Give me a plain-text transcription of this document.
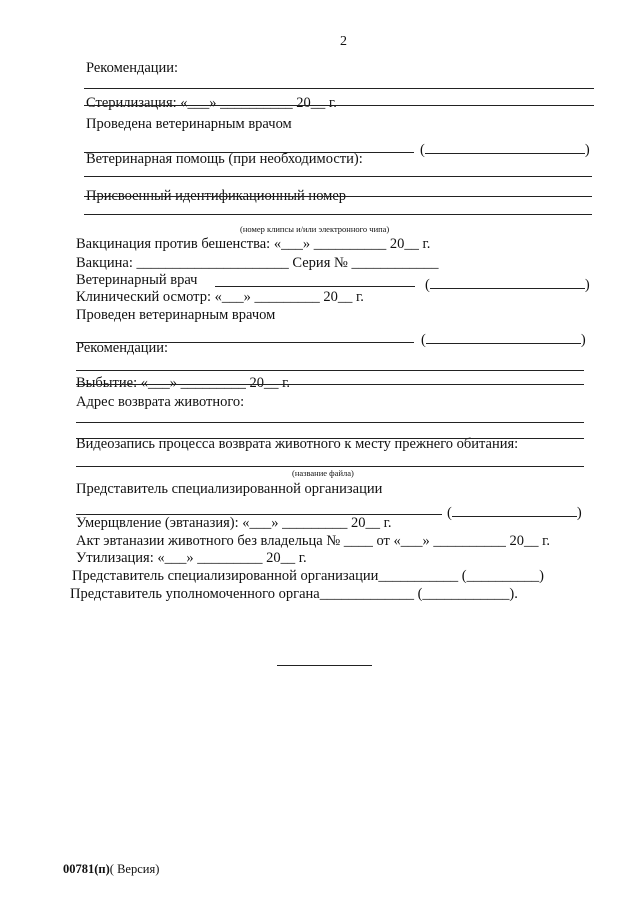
2
Рекомендации:
Стерилизация: «___» __________ 20__ г.
Проведена ветеринарным врачом
(	)
Ветеринарная помощь (при необходимости):
Присвоенный идентификационный номер
(номер клипсы и/или электронного чипа)
Вакцинация против бешенства: «___» __________ 20__ г.
Вакцина: _____________________ Серия № ____________
Ветеринарный врач	(	)
Клинический осмотр: «___» _________ 20__ г.
Проведен ветеринарным врачом
(	)
Рекомендации:
Выбытие: «___» _________ 20__ г.
Адрес возврата животного:
Видеозапись процесса возврата животного к месту прежнего обитания:
(название файла)
Представитель специализированной организации
(	)
Умерщвление (эвтаназия): «___» _________ 20__ г.
Акт эвтаназии животного без владельца № ____ от «___» __________ 20__ г.
Утилизация: «___» _________ 20__ г.
Представитель специализированной организации___________ (__________)
Представитель уполномоченного органа_____________ (____________).
00781(п)( Версия)
